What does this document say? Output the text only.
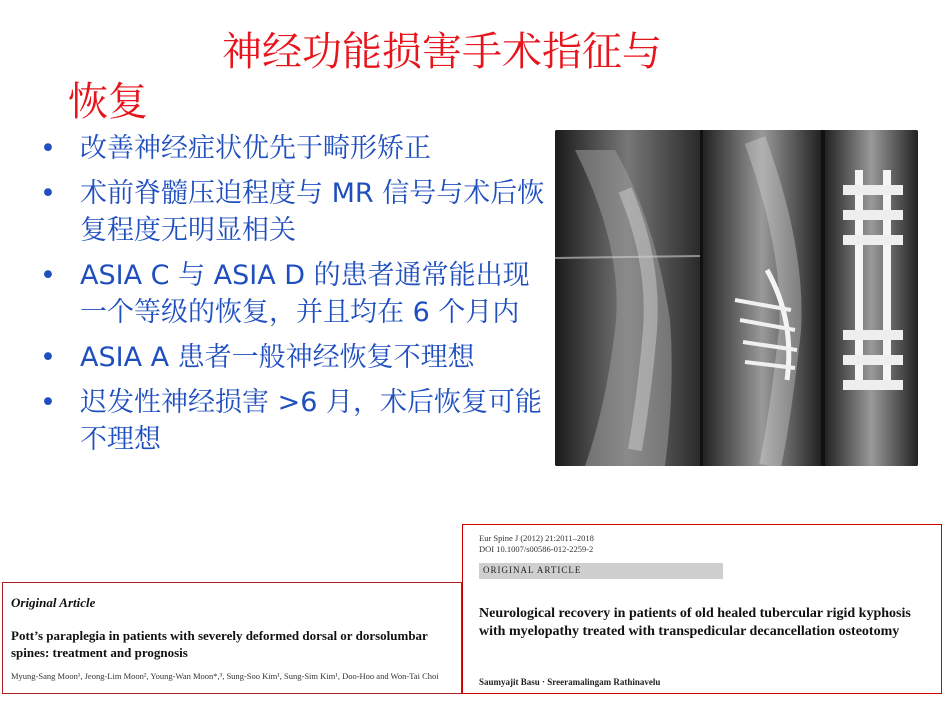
神经功能损害手术指征与
恢复
• 改善神经症状优先于畸形矫正
• 术前脊髓压迫程度与 MR 信号与术后恢复程度无明显相关
• ASIA C 与 ASIA D 的患者通常能出现一个等级的恢复，并且均在 6 个月内
• ASIA A 患者一般神经恢复不理想
• 迟发性神经损害 >6 月，术后恢复可能不理想
Original Article
Pott’s paraplegia in patients with severely deformed dorsal or dorsolumbar spines: treatment and prognosis
Myung-Sang Moon¹, Jeong-Lim Moon², Young-Wan Moon*,³, Sung-Soo Kim¹, Sung-Sim Kim¹, Doo-Hoo and Won-Tai Choi
Eur Spine J (2012) 21:2011–2018
DOI 10.1007/s00586-012-2259-2
ORIGINAL ARTICLE
Neurological recovery in patients of old healed tubercular rigid kyphosis with myelopathy treated with transpedicular decancellation osteotomy
Saumyajit Basu · Sreeramalingam Rathinavelu
